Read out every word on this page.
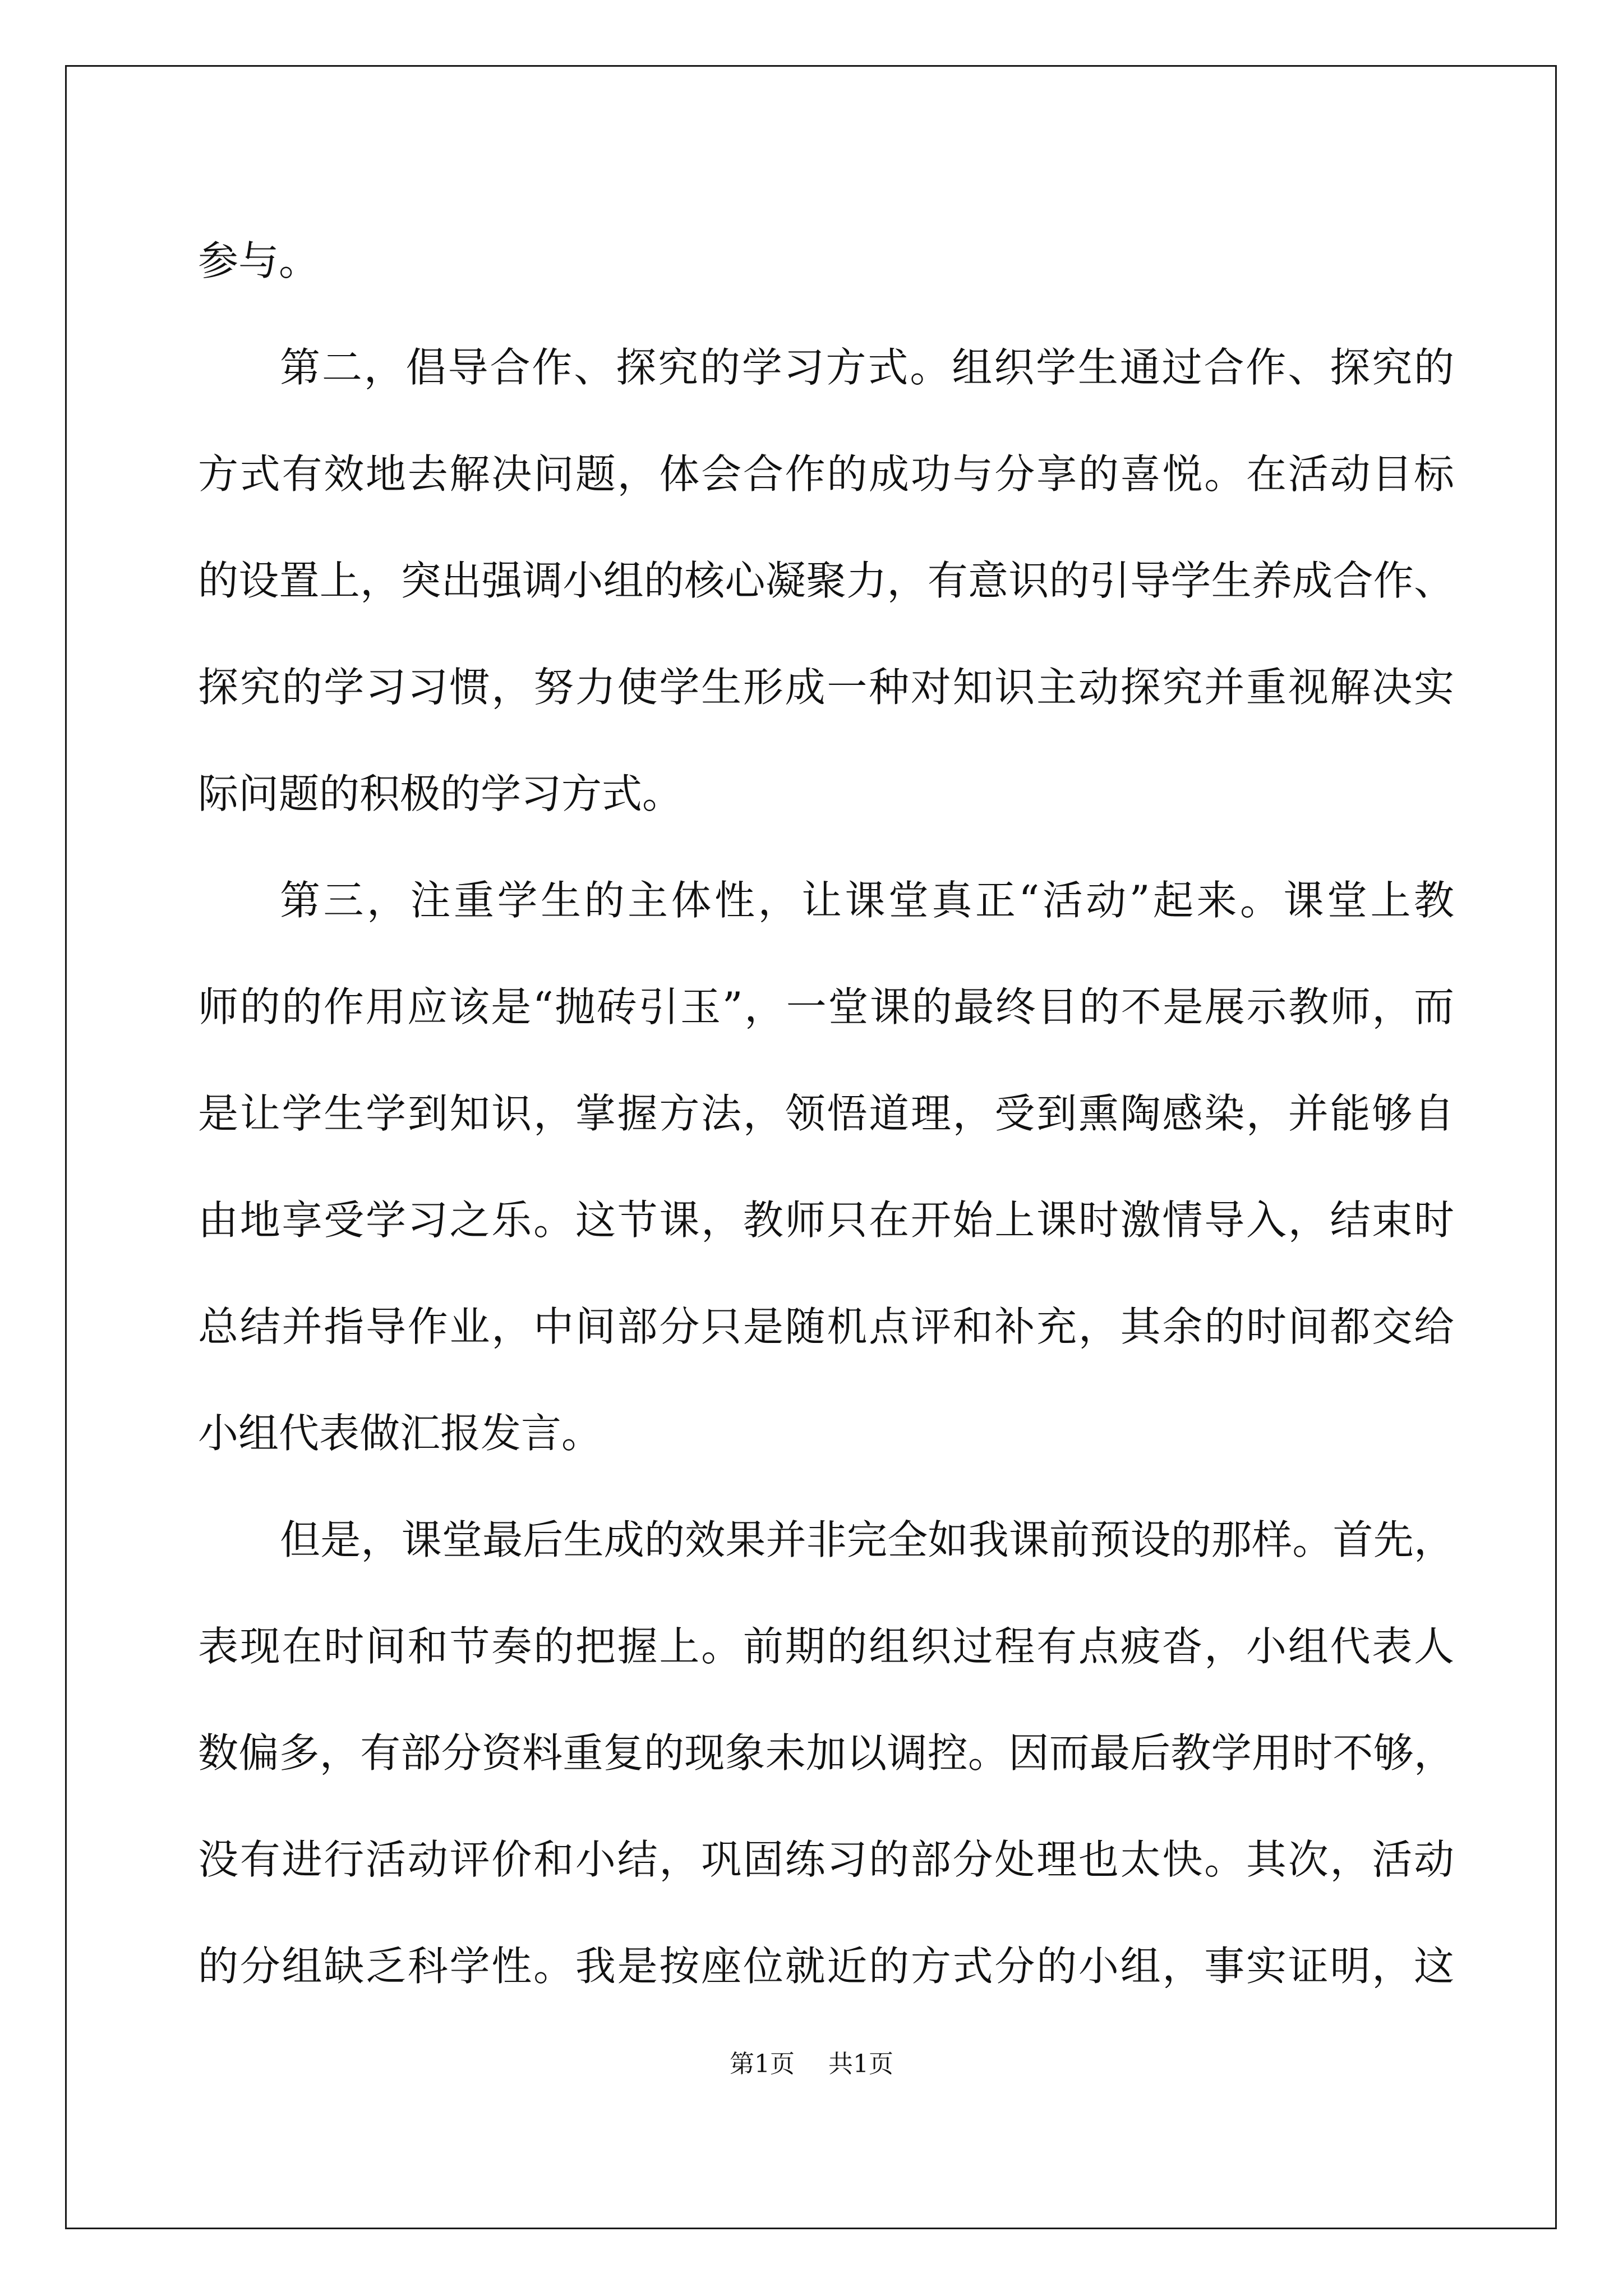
参与。
第二，倡导合作、探究的学习方式。组织学生通过合作、探究的
方式有效地去解决问题，体会合作的成功与分享的喜悦。在活动目标
的设置上，突出强调小组的核心凝聚力，有意识的引导学生养成合作、
探究的学习习惯，努力使学生形成一种对知识主动探究并重视解决实
际问题的积极的学习方式。
第三，注重学生的主体性，让课堂真正“活动”起来。课堂上教
师的的作用应该是“抛砖引玉”，一堂课的最终目的不是展示教师，而
是让学生学到知识，掌握方法，领悟道理，受到熏陶感染，并能够自
由地享受学习之乐。这节课，教师只在开始上课时激情导入，结束时
总结并指导作业，中间部分只是随机点评和补充，其余的时间都交给
小组代表做汇报发言。
但是，课堂最后生成的效果并非完全如我课前预设的那样。首先，
表现在时间和节奏的把握上。前期的组织过程有点疲沓，小组代表人
数偏多，有部分资料重复的现象未加以调控。因而最后教学用时不够，
没有进行活动评价和小结，巩固练习的部分处理也太快。其次，活动
的分组缺乏科学性。我是按座位就近的方式分的小组，事实证明，这
第1页 共1页
